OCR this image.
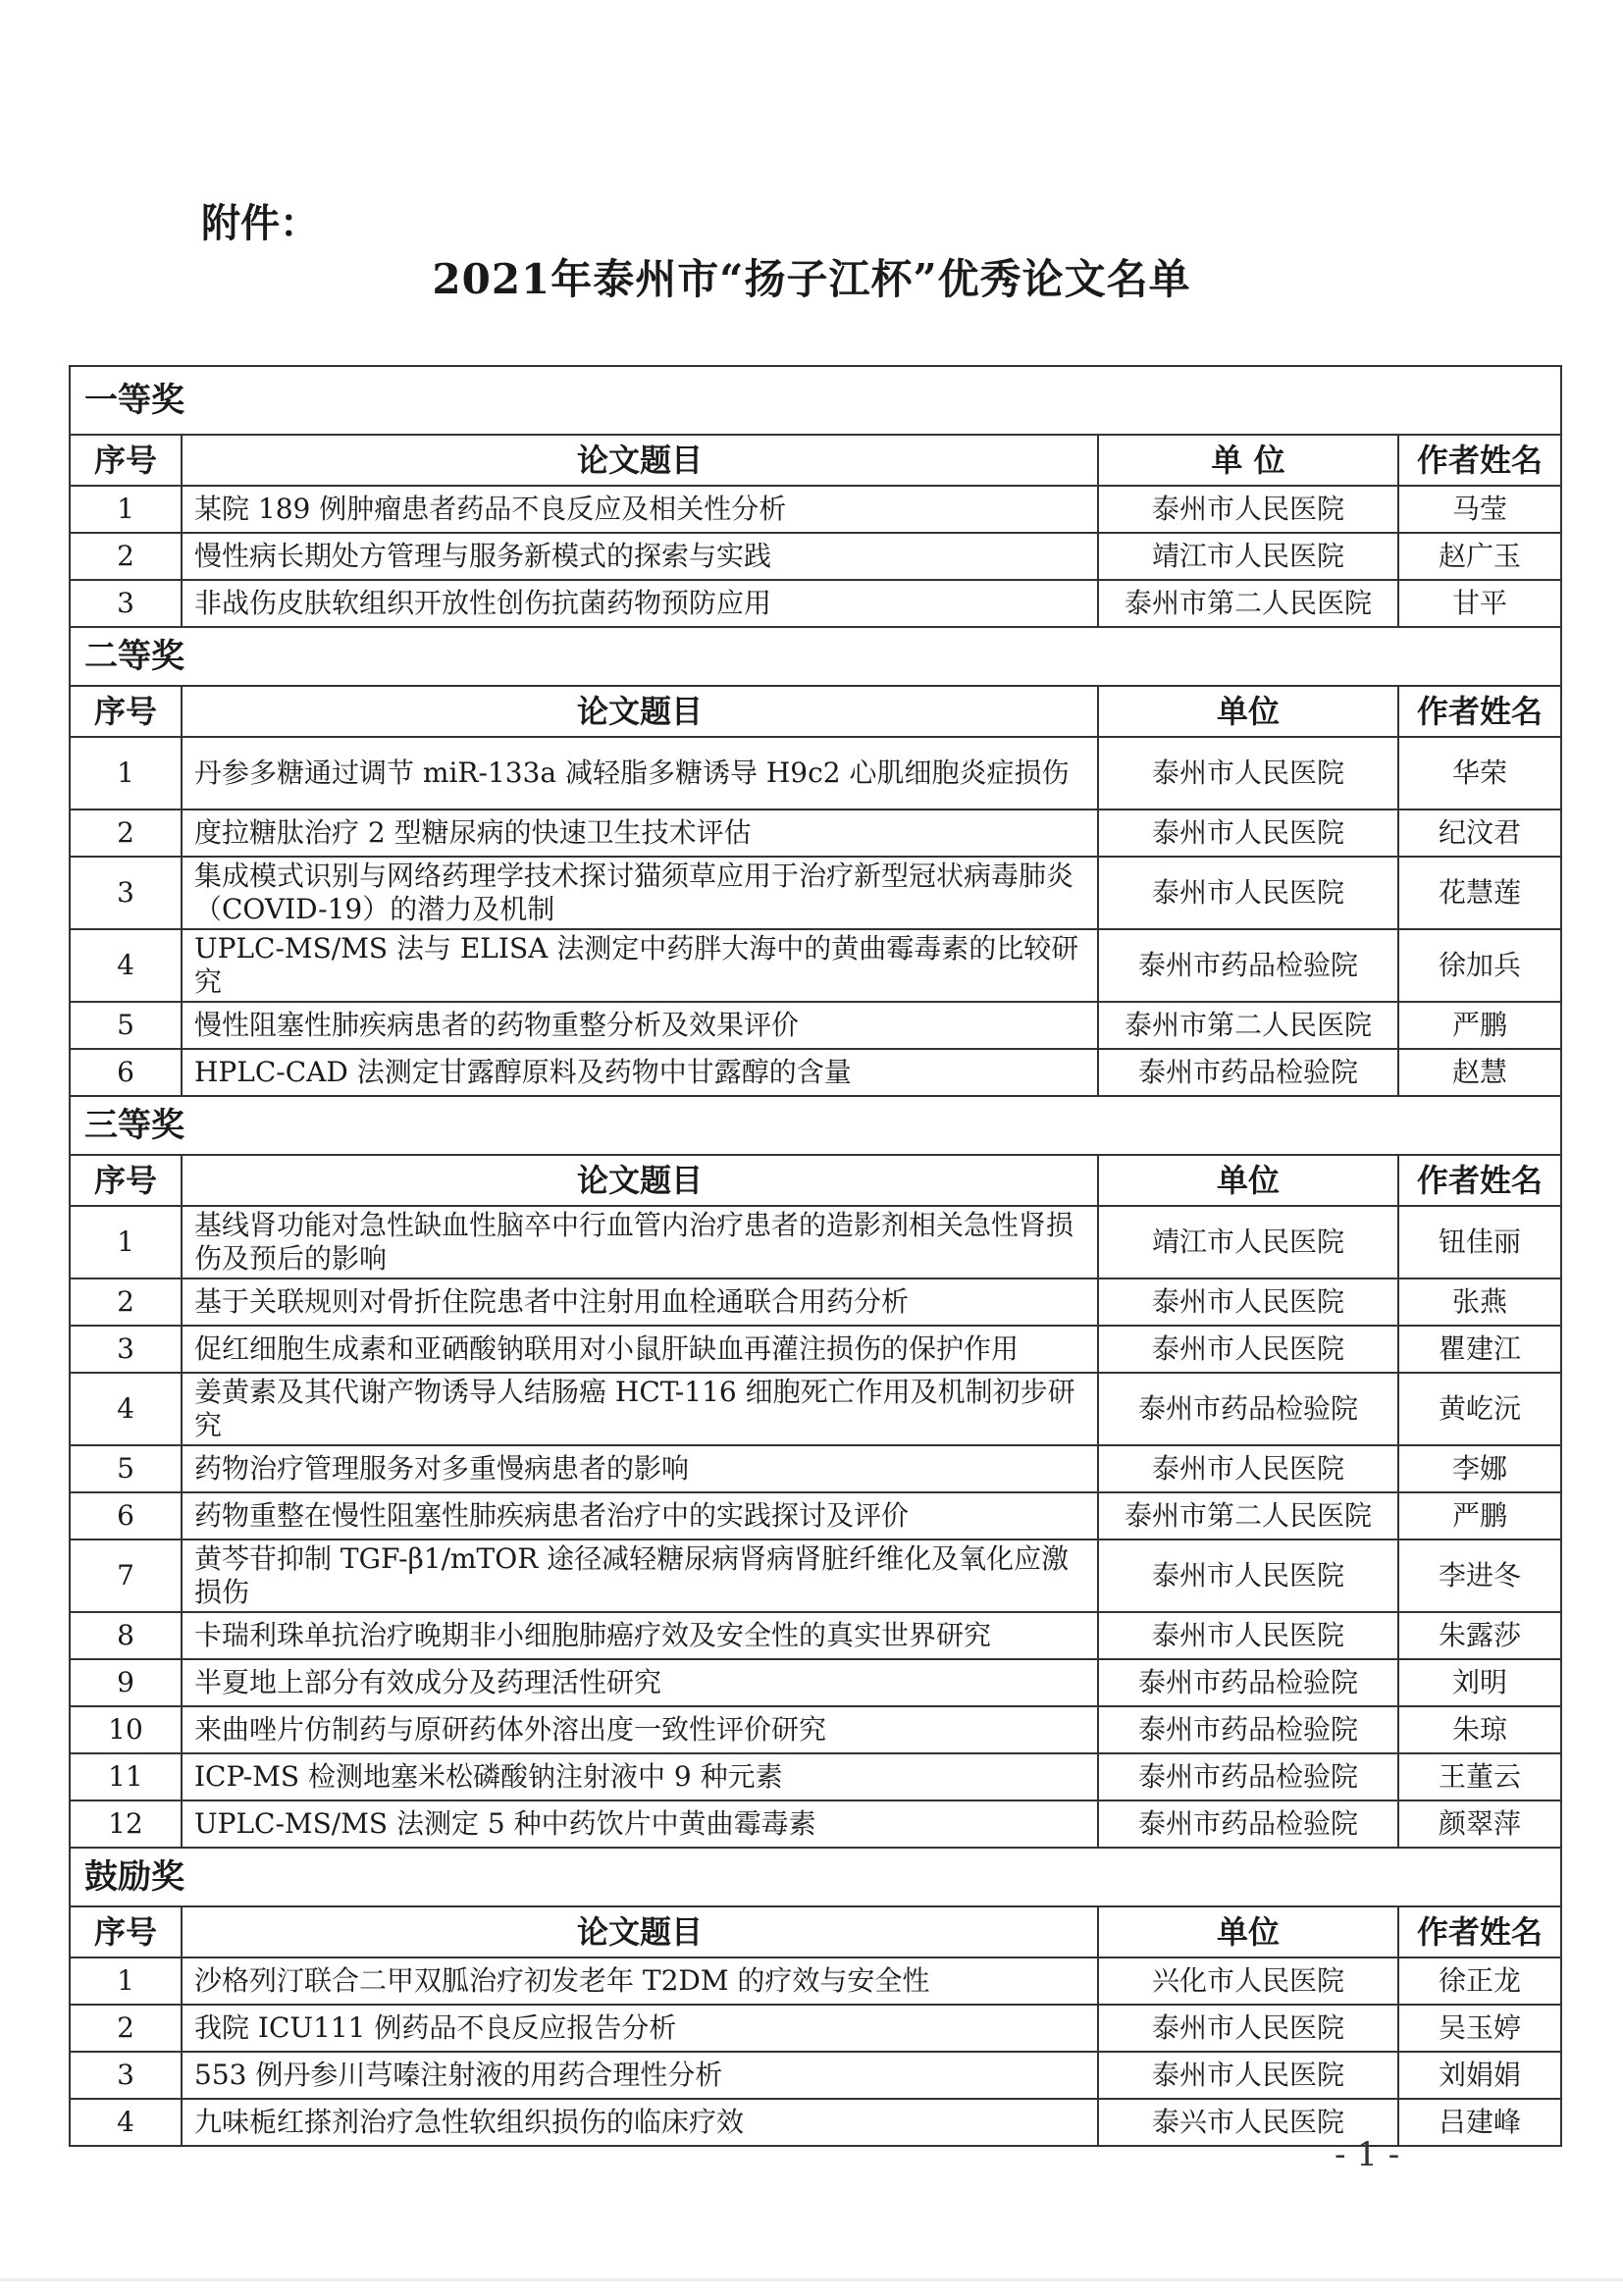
附件：
2021年泰州市“扬子江杯”优秀论文名单
一等奖			
序号	论文题目	单 位	作者姓名
1	某院 189 例肿瘤患者药品不良反应及相关性分析	泰州市人民医院	马莹
2	慢性病长期处方管理与服务新模式的探索与实践	靖江市人民医院	赵广玉
3	非战伤皮肤软组织开放性创伤抗菌药物预防应用	泰州市第二人民医院	甘平
二等奖			
序号	论文题目	单位	作者姓名
1	丹参多糖通过调节 miR-133a 减轻脂多糖诱导 H9c2 心肌细胞炎症损伤	泰州市人民医院	华荣
2	度拉糖肽治疗 2 型糖尿病的快速卫生技术评估	泰州市人民医院	纪汶君
3	集成模式识别与网络药理学技术探讨猫须草应用于治疗新型冠状病毒肺炎（COVID-19）的潜力及机制	泰州市人民医院	花慧莲
4	UPLC-MS/MS 法与 ELISA 法测定中药胖大海中的黄曲霉毒素的比较研究	泰州市药品检验院	徐加兵
5	慢性阻塞性肺疾病患者的药物重整分析及效果评价	泰州市第二人民医院	严鹏
6	HPLC-CAD 法测定甘露醇原料及药物中甘露醇的含量	泰州市药品检验院	赵慧
三等奖			
序号	论文题目	单位	作者姓名
1	基线肾功能对急性缺血性脑卒中行血管内治疗患者的造影剂相关急性肾损伤及预后的影响	靖江市人民医院	钮佳丽
2	基于关联规则对骨折住院患者中注射用血栓通联合用药分析	泰州市人民医院	张燕
3	促红细胞生成素和亚硒酸钠联用对小鼠肝缺血再灌注损伤的保护作用	泰州市人民医院	瞿建江
4	姜黄素及其代谢产物诱导人结肠癌 HCT-116 细胞死亡作用及机制初步研究	泰州市药品检验院	黄屹沅
5	药物治疗管理服务对多重慢病患者的影响	泰州市人民医院	李娜
6	药物重整在慢性阻塞性肺疾病患者治疗中的实践探讨及评价	泰州市第二人民医院	严鹏
7	黄芩苷抑制 TGF-β1/mTOR 途径减轻糖尿病肾病肾脏纤维化及氧化应激损伤	泰州市人民医院	李进冬
8	卡瑞利珠单抗治疗晚期非小细胞肺癌疗效及安全性的真实世界研究	泰州市人民医院	朱露莎
9	半夏地上部分有效成分及药理活性研究	泰州市药品检验院	刘明
10	来曲唑片仿制药与原研药体外溶出度一致性评价研究	泰州市药品检验院	朱琼
11	ICP-MS 检测地塞米松磷酸钠注射液中 9 种元素	泰州市药品检验院	王董云
12	UPLC-MS/MS 法测定 5 种中药饮片中黄曲霉毒素	泰州市药品检验院	颜翠萍
鼓励奖			
序号	论文题目	单位	作者姓名
1	沙格列汀联合二甲双胍治疗初发老年 T2DM 的疗效与安全性	兴化市人民医院	徐正龙
2	我院 ICU111 例药品不良反应报告分析	泰州市人民医院	吴玉婷
3	553 例丹参川芎嗪注射液的用药合理性分析	泰州市人民医院	刘娟娟
4	九味栀红搽剂治疗急性软组织损伤的临床疗效	泰兴市人民医院	吕建峰
- 1 -
